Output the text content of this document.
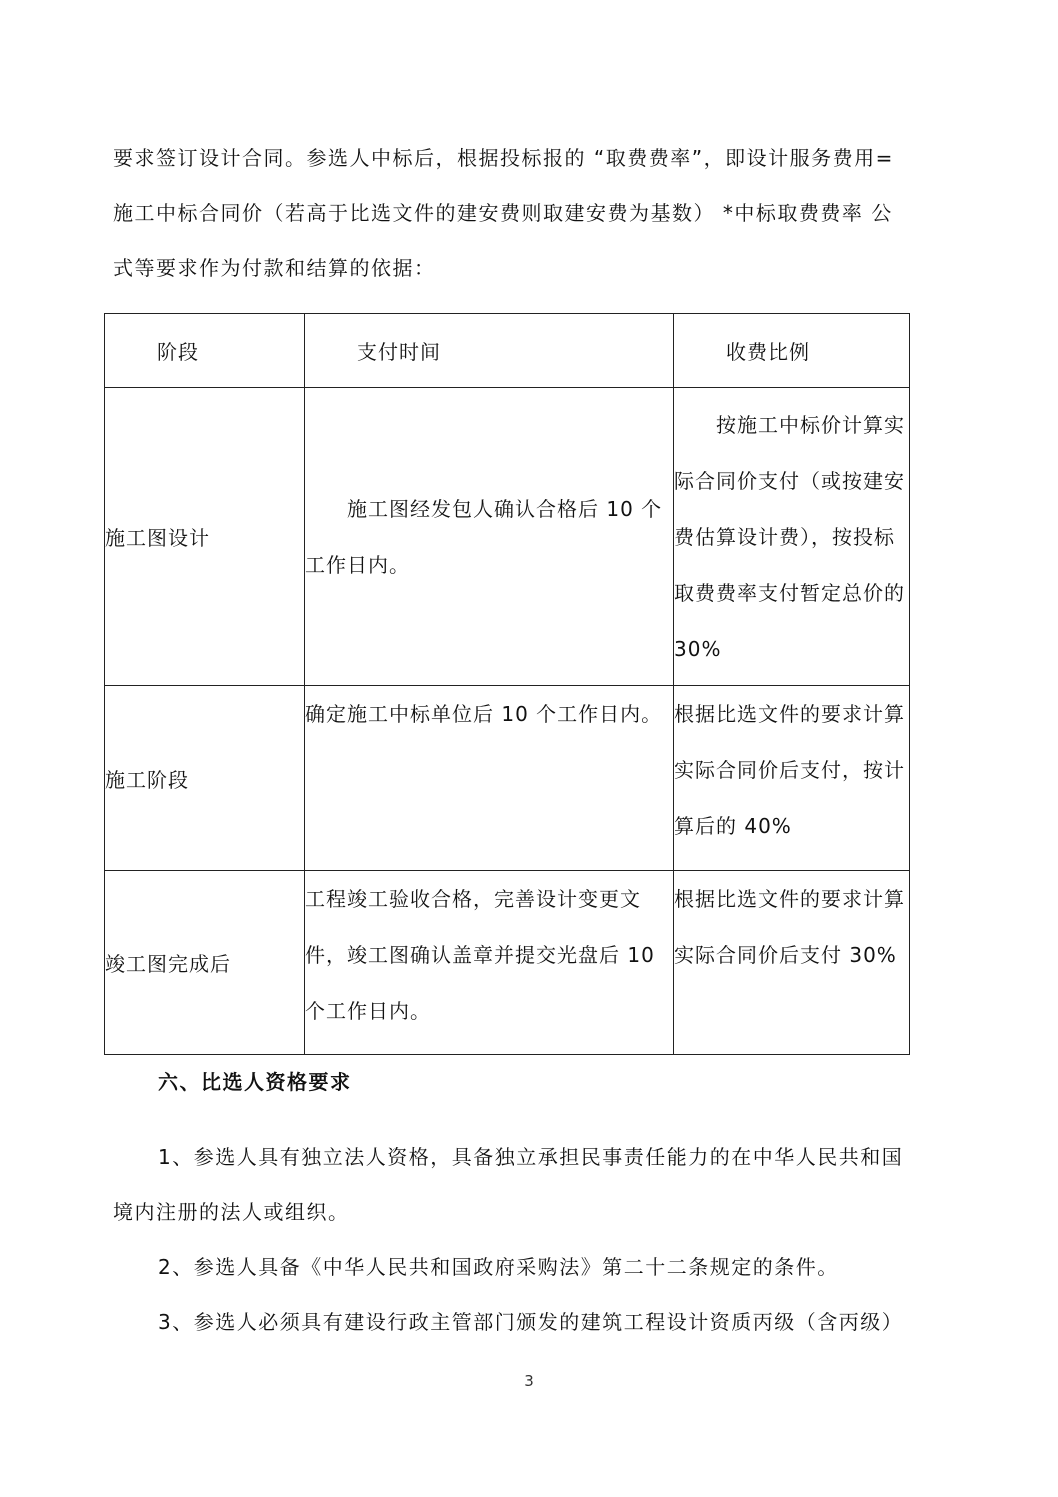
要求签订设计合同。参选人中标后，根据投标报的 “取费费率”，即设计服务费用=
施工中标合同价（若高于比选文件的建安费则取建安费为基数） *中标取费费率 公
式等要求作为付款和结算的依据：
阶段	支付时间	收费比例
施工图设计	施工图经发包人确认合格后 10 个工作日内。	按施工中标价计算实际合同价支付（或按建安费估算设计费），按投标取费费率支付暂定总价的 30%
施工阶段	确定施工中标单位后 10 个工作日内。	根据比选文件的要求计算实际合同价后支付，按计算后的 40%
竣工图完成后	工程竣工验收合格，完善设计变更文件，竣工图确认盖章并提交光盘后 10 个工作日内。	根据比选文件的要求计算实际合同价后支付 30%
六、比选人资格要求
1、参选人具有独立法人资格，具备独立承担民事责任能力的在中华人民共和国
境内注册的法人或组织。
2、参选人具备《中华人民共和国政府采购法》第二十二条规定的条件。
3、参选人必须具有建设行政主管部门颁发的建筑工程设计资质丙级（含丙级）
3
